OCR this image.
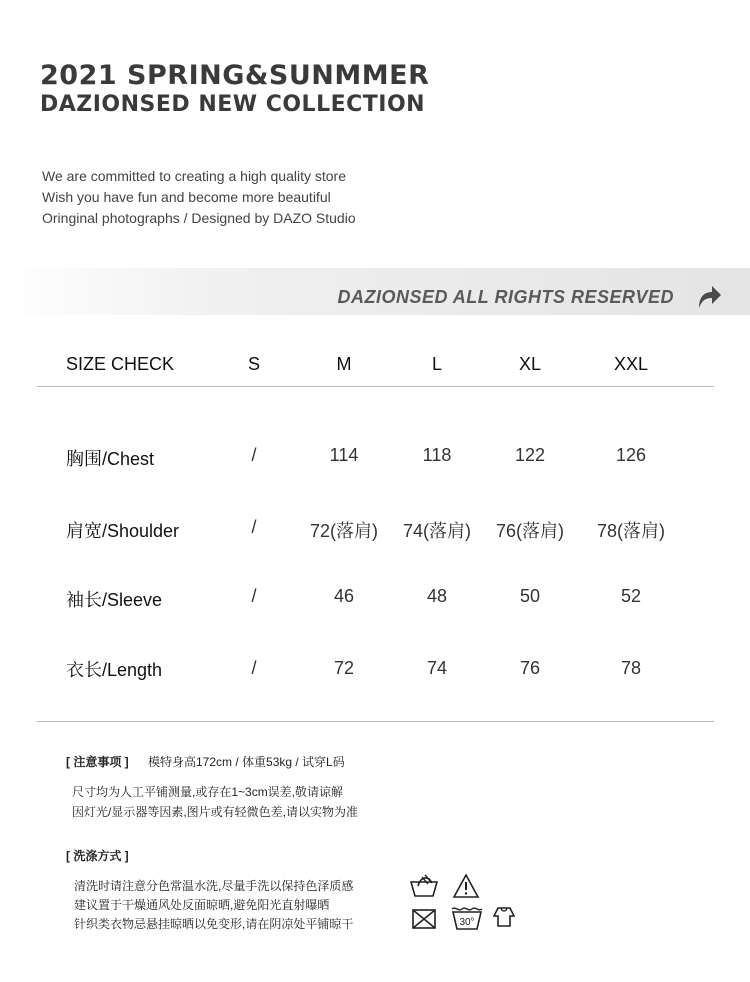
2021 SPRING&SUNMMER
DAZIONSED NEW COLLECTION
We are committed to creating a high quality store
Wish you have fun and become more beautiful
Oringinal photographs / Designed by DAZO Studio
DAZIONSED ALL RIGHTS RESERVED
SIZE CHECK	S	M	L	XL	XXL
胸围/Chest	/	114	118	122	126
肩宽/Shoulder	/	72(落肩) 74(落肩) 76(落肩) 78(落肩)
袖长/Sleeve	/	46	48	50	52
衣长/Length	/	72	74	76	78
[ 注意事项 ] 模特身高172cm / 体重53kg / 试穿L码
尺寸均为人工平铺测量,或存在1~3cm误差,敬请谅解
因灯光/显示器等因素,图片或有轻微色差,请以实物为准
[ 洗涤方式 ]
清洗时请注意分色常温水洗,尽量手洗以保持色泽质感
建议置于干燥通风处反面晾晒,避免阳光直射曝晒
针织类衣物忌悬挂晾晒以免变形,请在阴凉处平铺晾干	30°
